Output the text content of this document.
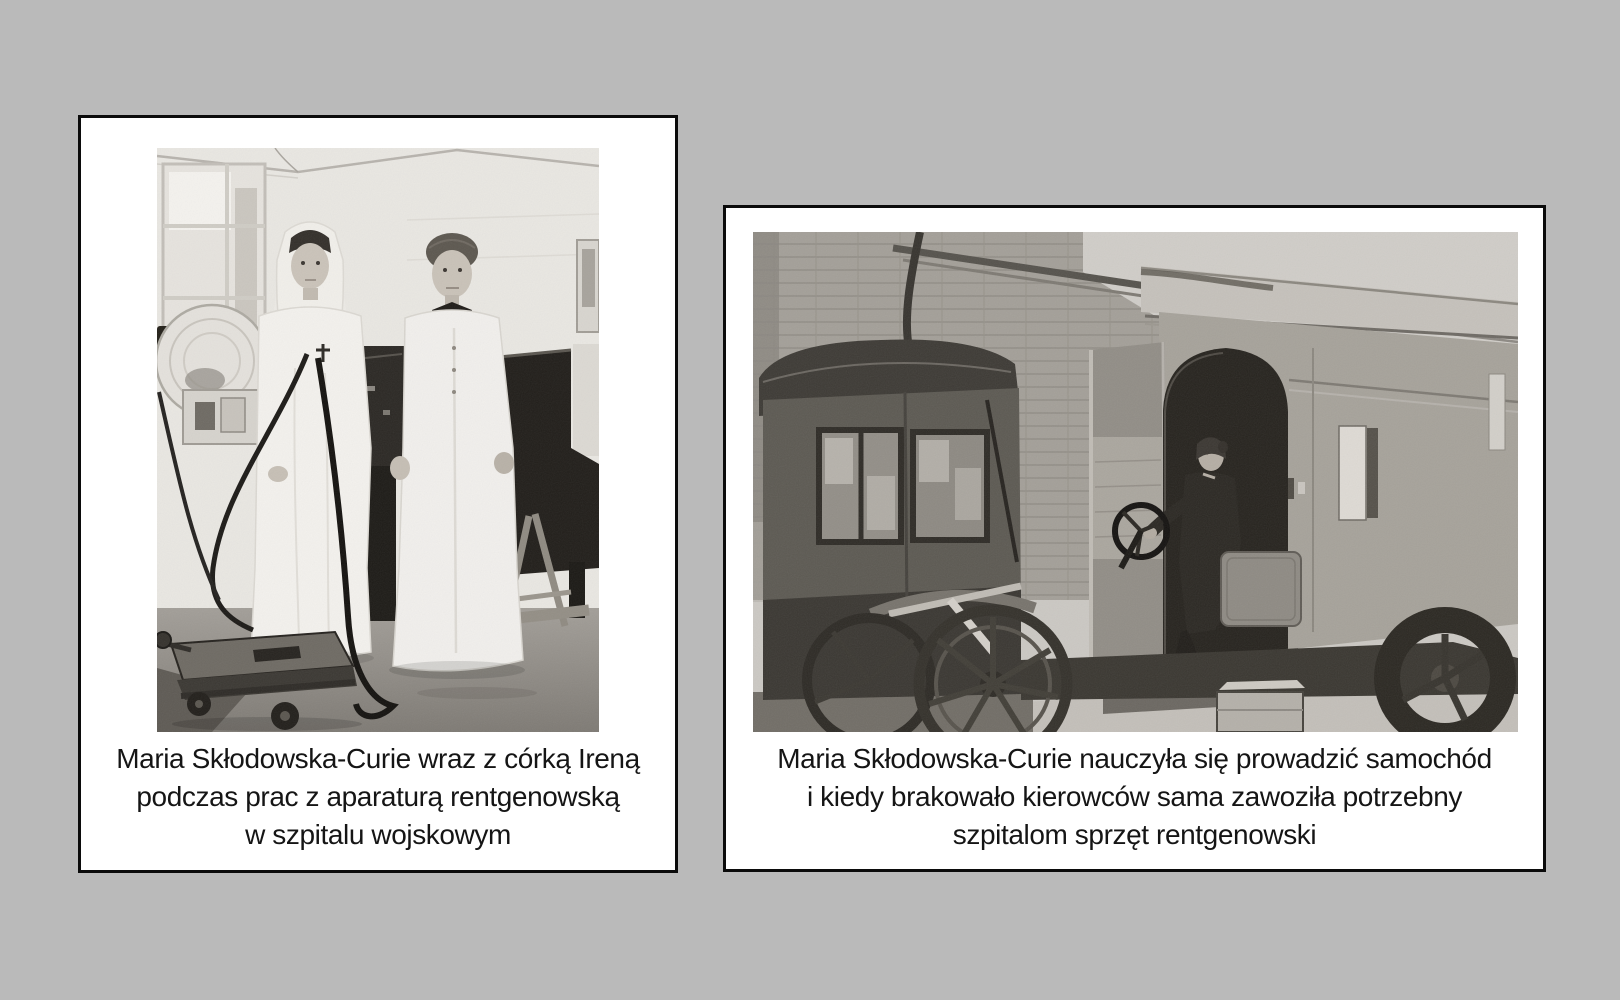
Maria Skłodowska-Curie wraz z córką Ireną
podczas prac z aparaturą rentgenowską
w szpitalu wojskowym
Maria Skłodowska-Curie nauczyła się prowadzić samochód
i kiedy brakowało kierowców sama zawoziła potrzebny
szpitalom sprzęt rentgenowski
